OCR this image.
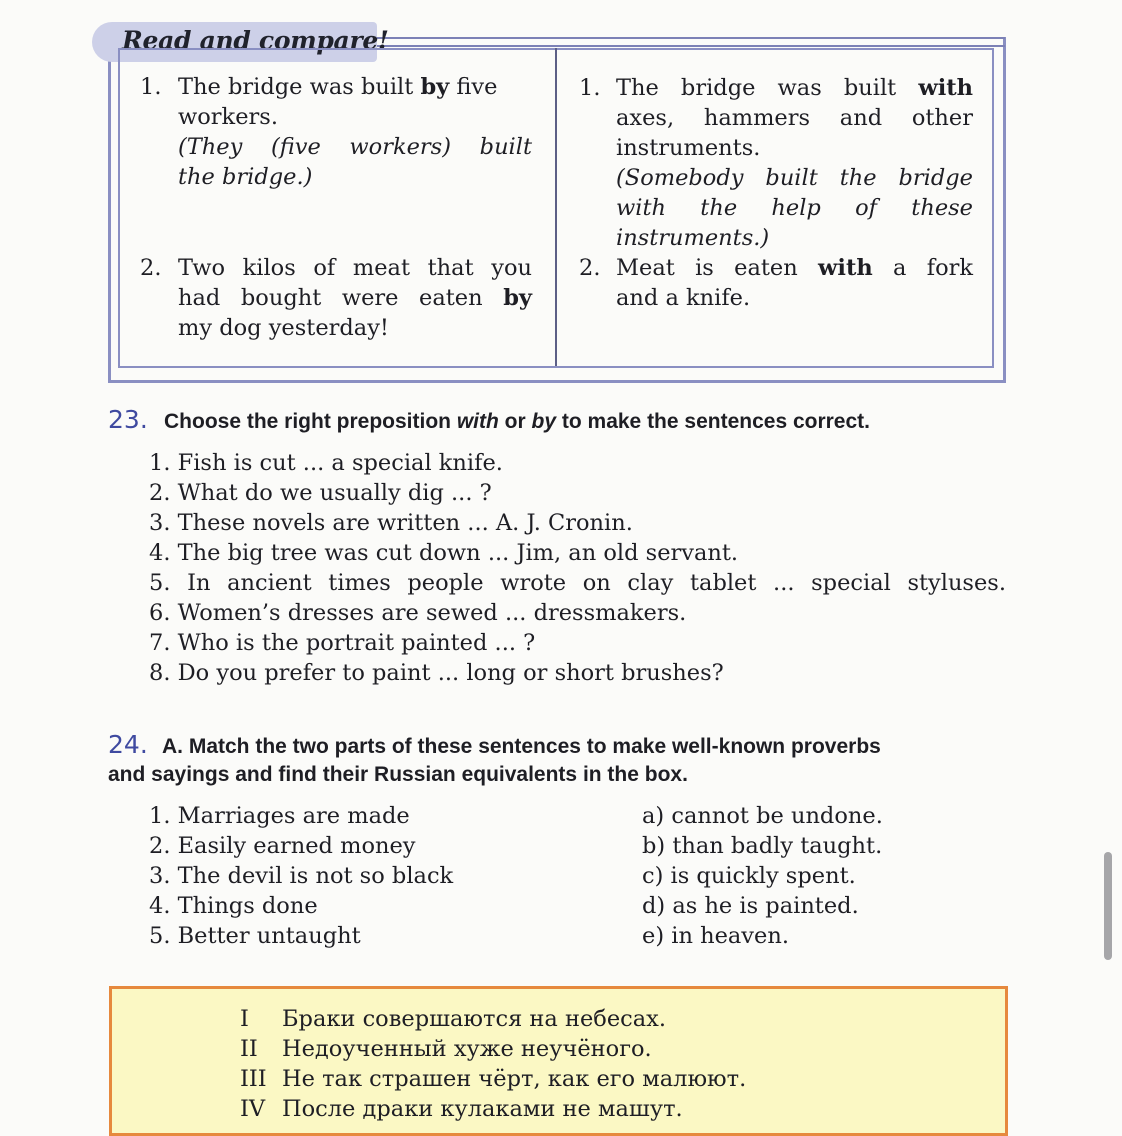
Read and compare!
1. The bridge was built by five
workers.
(They (five workers) built
the bridge.)
2. Two kilos of meat that you
had bought were eaten by
my dog yesterday!
1. The bridge was built with
axes, hammers and other
instruments.
(Somebody built the bridge
with the help of these
instruments.)
2. Meat is eaten with a fork
and a knife.
23. Choose the right preposition with or by to make the sentences correct.
1. Fish is cut ... a special knife.
2. What do we usually dig ... ?
3. These novels are written ... A. J. Cronin.
4. The big tree was cut down ... Jim, an old servant.
5. In ancient times people wrote on clay tablet ... special styluses.
6. Women’s dresses are sewed ... dressmakers.
7. Who is the portrait painted ... ?
8. Do you prefer to paint ... long or short brushes?
24. A. Match the two parts of these sentences to make well-known proverbs
and sayings and find their Russian equivalents in the box.
1. Marriages are made
2. Easily earned money
3. The devil is not so black
4. Things done
5. Better untaught
a) cannot be undone.
b) than badly taught.
c) is quickly spent.
d) as he is painted.
e) in heaven.
I Браки совершаются на небесах.
II Недоученный хуже неучёного.
III Не так страшен чёрт, как его малюют.
IV После драки кулаками не машут.
